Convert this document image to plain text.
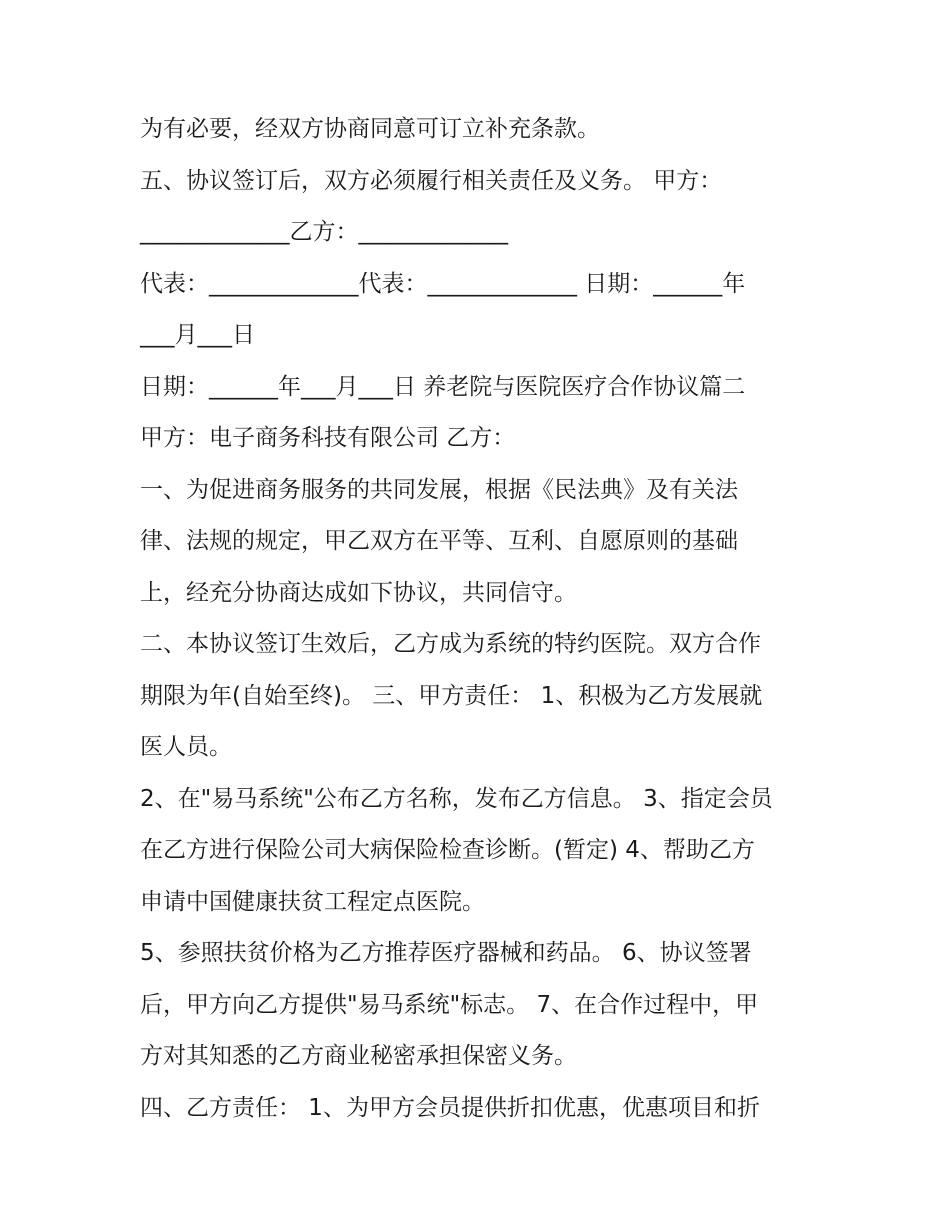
为有必要，经双方协商同意可订立补充条款。
五、协议签订后，双方必须履行相关责任及义务。 甲方：
_____________乙方：_____________
代表：_____________代表：_____________ 日期：______年
___月___日
日期：______年___月___日 养老院与医院医疗合作协议篇二
甲方：电子商务科技有限公司 乙方：
一、为促进商务服务的共同发展，根据《民法典》及有关法
律、法规的规定，甲乙双方在平等、互利、自愿原则的基础
上，经充分协商达成如下协议，共同信守。
二、本协议签订生效后，乙方成为系统的特约医院。双方合作
期限为年(自始至终)。 三、甲方责任： 1、积极为乙方发展就
医人员。
2、在"易马系统"公布乙方名称，发布乙方信息。 3、指定会员
在乙方进行保险公司大病保险检查诊断。(暂定) 4、帮助乙方
申请中国健康扶贫工程定点医院。
5、参照扶贫价格为乙方推荐医疗器械和药品。 6、协议签署
后，甲方向乙方提供"易马系统"标志。 7、在合作过程中，甲
方对其知悉的乙方商业秘密承担保密义务。
四、乙方责任： 1、为甲方会员提供折扣优惠，优惠项目和折
